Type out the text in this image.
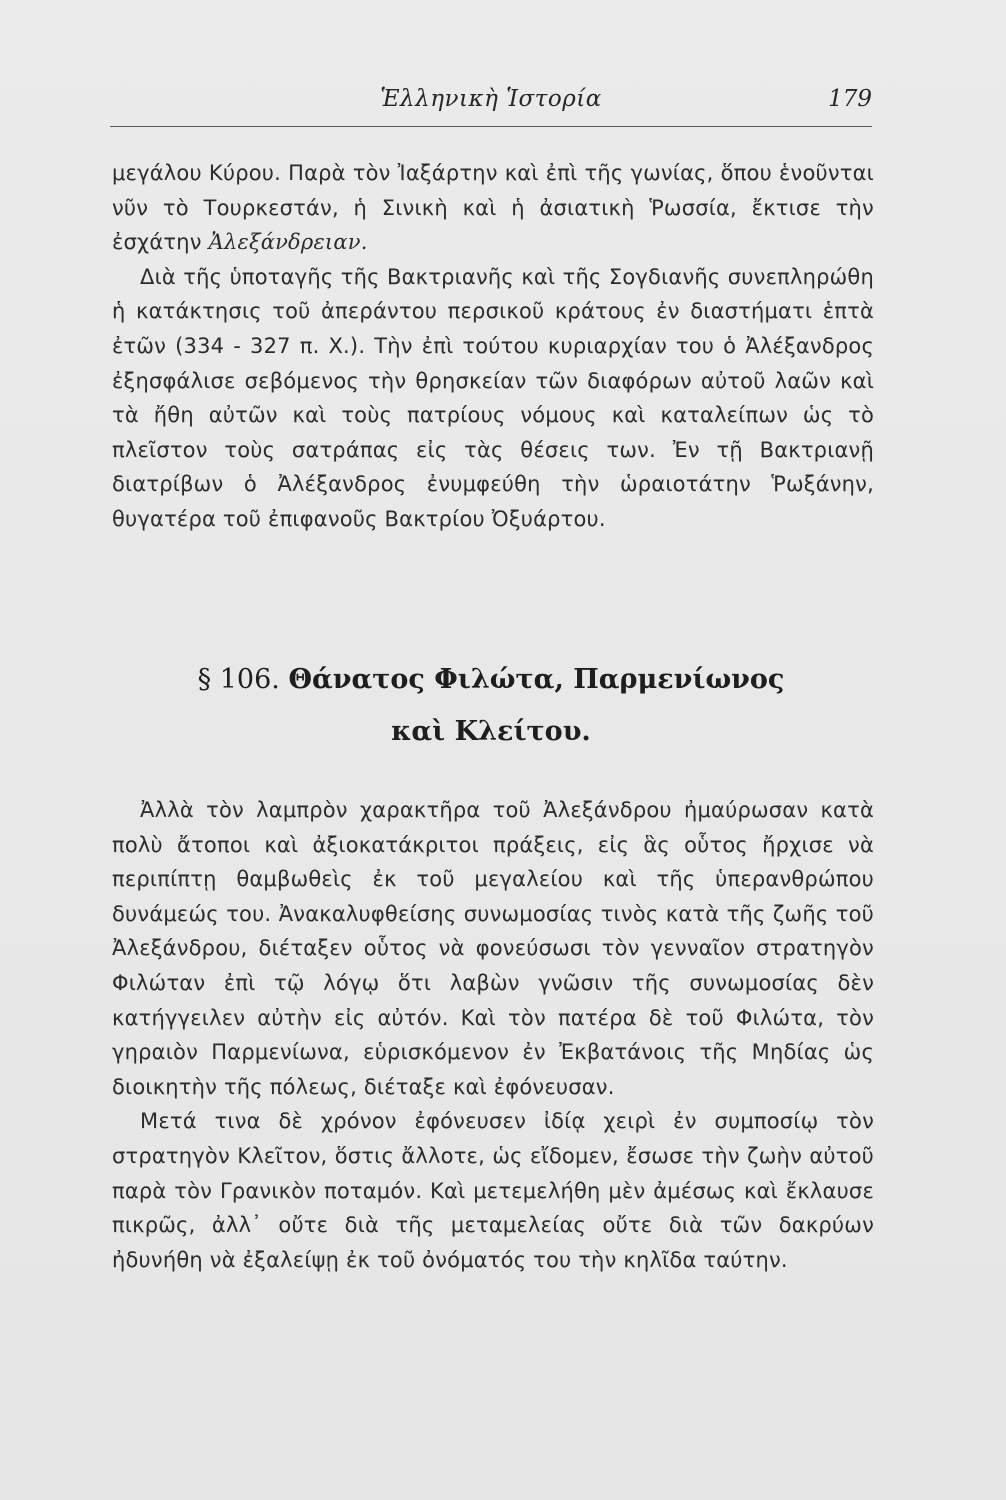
Ἑλληνικὴ Ἱστορία	179

μεγάλου Κύρου. Παρὰ τὸν Ἰαξάρτην καὶ ἐπὶ τῆς γωνίας, ὅπου ἑνοῦνται νῦν τὸ Τουρκεστάν, ἡ Σινικὴ καὶ ἡ ἀσιατικὴ Ῥωσσία, ἔκτισε τὴν ἐσχάτην Ἀλεξάνδρειαν.

Διὰ τῆς ὑποταγῆς τῆς Βακτριανῆς καὶ τῆς Σογδιανῆς συνεπληρώθη ἡ κατάκτησις τοῦ ἀπεράντου περσικοῦ κράτους ἐν διαστήματι ἑπτὰ ἐτῶν (334 - 327 π. Χ.). Τὴν ἐπὶ τούτου κυριαρχίαν του ὁ Ἀλέξανδρος ἐξησφάλισε σεβόμενος τὴν θρησκείαν τῶν διαφόρων αὐτοῦ λαῶν καὶ τὰ ἤθη αὐτῶν καὶ τοὺς πατρίους νόμους καὶ καταλείπων ὡς τὸ πλεῖστον τοὺς σατράπας εἰς τὰς θέσεις των. Ἐν τῇ Βακτριανῇ διατρίβων ὁ Ἀλέξανδρος ἐνυμφεύθη τὴν ὡραιοτάτην Ῥωξάνην, θυγατέρα τοῦ ἐπιφανοῦς Βακτρίου Ὀξυάρτου.

§ 106. Θάνατος Φιλώτα, Παρμενίωνος
καὶ Κλείτου.

Ἀλλὰ τὸν λαμπρὸν χαρακτῆρα τοῦ Ἀλεξάνδρου ἠμαύρωσαν κατὰ πολὺ ἄτοποι καὶ ἀξιοκατάκριτοι πράξεις, εἰς ἃς οὗτος ἤρχισε νὰ περιπίπτῃ θαμβωθεὶς ἐκ τοῦ μεγαλείου καὶ τῆς ὑπερανθρώπου δυνάμεώς του. Ἀνακαλυφθείσης συνωμοσίας τινὸς κατὰ τῆς ζωῆς τοῦ Ἀλεξάνδρου, διέταξεν οὗτος νὰ φονεύσωσι τὸν γενναῖον στρατηγὸν Φιλώταν ἐπὶ τῷ λόγῳ ὅτι λαβὼν γνῶσιν τῆς συνωμοσίας δὲν κατήγγειλεν αὐτὴν εἰς αὐτόν. Καὶ τὸν πατέρα δὲ τοῦ Φιλώτα, τὸν γηραιὸν Παρμενίωνα, εὑρισκόμενον ἐν Ἐκβατάνοις τῆς Μηδίας ὡς διοικητὴν τῆς πόλεως, διέταξε καὶ ἐφόνευσαν.

Μετά τινα δὲ χρόνον ἐφόνευσεν ἰδίᾳ χειρὶ ἐν συμποσίῳ τὸν στρατηγὸν Κλεῖτον, ὅστις ἄλλοτε, ὡς εἴδομεν, ἔσωσε τὴν ζωὴν αὐτοῦ παρὰ τὸν Γρανικὸν ποταμόν. Καὶ μετεμελήθη μὲν ἀμέσως καὶ ἔκλαυσε πικρῶς, ἀλλ᾽ οὔτε διὰ τῆς μεταμελείας οὔτε διὰ τῶν δακρύων ἠδυνήθη νὰ ἐξαλείψῃ ἐκ τοῦ ὀνόματός του τὴν κηλῖδα ταύτην.
